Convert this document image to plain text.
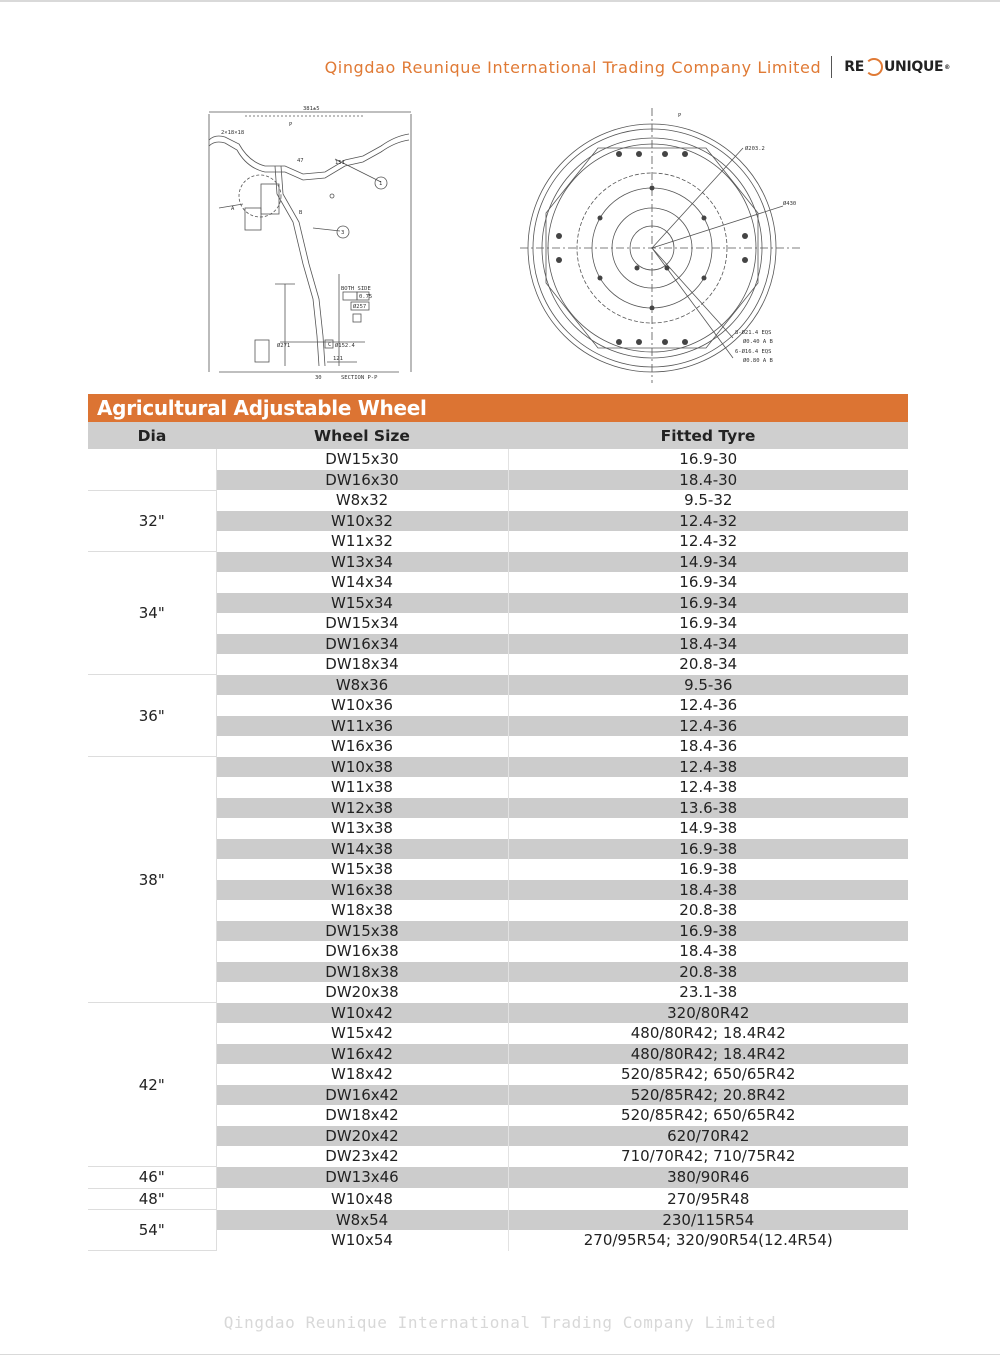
Qingdao Reunique International Trading Company Limited RE UNIQUE ®
381±5
47	151
2×18×18
A
B
P
1
3
BOTH SIDE
0.75
Ø257
Ø271	Ø152.4
C
121
30	SECTION P-P
Ø203.2
Ø430
8-Ø21.4 EQS
Ø0.40 A B
6-Ø16.4 EQS
Ø0.80 A B
P
Agricultural Adjustable Wheel
Dia	Wheel Size	Fitted Tyre
	DW15x30	16.9-30
	DW16x30	18.4-30
32"	W8x32	9.5-32
	W10x32	12.4-32
	W11x32	12.4-32
34"	W13x34	14.9-34
	W14x34	16.9-34
	W15x34	16.9-34
	DW15x34	16.9-34
	DW16x34	18.4-34
	DW18x34	20.8-34
36"	W8x36	9.5-36
	W10x36	12.4-36
	W11x36	12.4-36
	W16x36	18.4-36
38"	W10x38	12.4-38
	W11x38	12.4-38
	W12x38	13.6-38
	W13x38	14.9-38
	W14x38	16.9-38
	W15x38	16.9-38
	W16x38	18.4-38
	W18x38	20.8-38
	DW15x38	16.9-38
	DW16x38	18.4-38
	DW18x38	20.8-38
	DW20x38	23.1-38
42"	W10x42	320/80R42
	W15x42	480/80R42; 18.4R42
	W16x42	480/80R42; 18.4R42
	W18x42	520/85R42; 650/65R42
	DW16x42	520/85R42; 20.8R42
	DW18x42	520/85R42; 650/65R42
	DW20x42	620/70R42
	DW23x42	710/70R42; 710/75R42
46"	DW13x46	380/90R46
48"	W10x48	270/95R48
54"	W8x54	230/115R54
	W10x54	270/95R54; 320/90R54(12.4R54)
Qingdao Reunique International Trading Company Limited
